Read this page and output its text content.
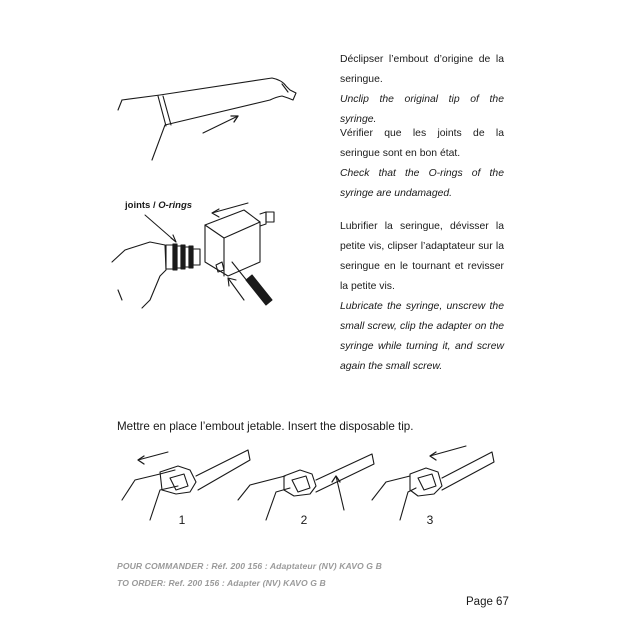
Déclipser l’embout d’origine de la seringue.
Unclip the original tip of the syringe.
Vérifier que les joints de la seringue sont en bon état.
Check that the O-rings of the syringe are undamaged.
Lubrifier la seringue, dévisser la petite vis, clipser l’adaptateur sur la seringue en le tournant et revisser la petite vis.
Lubricate the syringe, unscrew the small screw, clip the adapter on the syringe while turning it, and screw again the small screw.
joints / O-rings
Mettre en place l’embout jetable. Insert the disposable tip.
1	2	3
POUR COMMANDER : Réf. 200 156 : Adaptateur (NV) KAVO G B
TO ORDER: Ref. 200 156 : Adapter (NV) KAVO G B
Page 67
